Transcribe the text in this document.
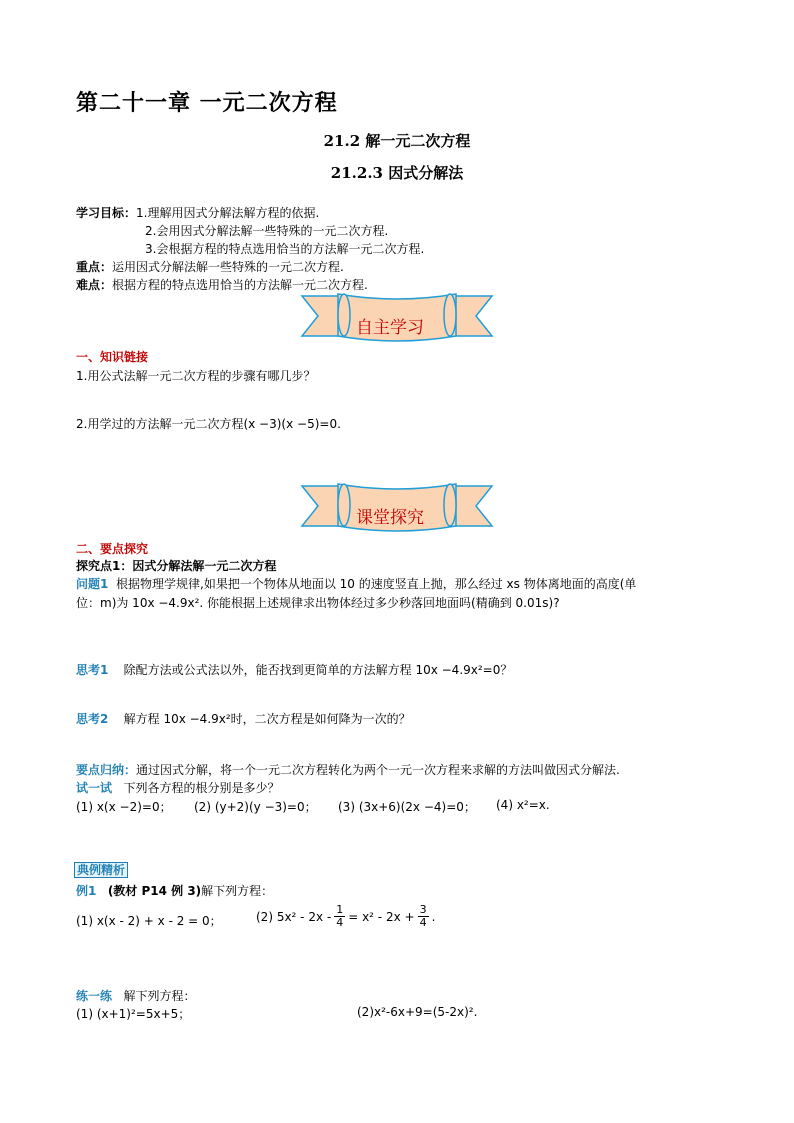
第二十一章 一元二次方程
21.2 解一元二次方程
21.2.3 因式分解法
学习目标：1.理解用因式分解法解方程的依据.
2.会用因式分解法解一些特殊的一元二次方程.
3.会根据方程的特点选用恰当的方法解一元二次方程.
重点：运用因式分解法解一些特殊的一元二次方程.
难点：根据方程的特点选用恰当的方法解一元二次方程.
自主学习
一、知识链接
1.用公式法解一元二次方程的步骤有哪几步？
2.用学过的方法解一元二次方程(x −3)(x −5)=0.
课堂探究
二、要点探究
探究点1：因式分解法解一元二次方程
问题1 根据物理学规律,如果把一个物体从地面以 10 的速度竖直上抛，那么经过 xs 物体离地面的高度(单
位：m)为 10x −4.9x². 你能根据上述规律求出物体经过多少秒落回地面吗(精确到 0.01s)?
思考1 除配方法或公式法以外，能否找到更简单的方法解方程 10x −4.9x²=0？
思考2 解方程 10x −4.9x²时，二次方程是如何降为一次的？
要点归纳：通过因式分解，将一个一元二次方程转化为两个一元一次方程来求解的方法叫做因式分解法.
试一试 下列各方程的根分别是多少？
(1) x(x −2)=0； (2) (y+2)(y −3)=0； (3) (3x+6)(2x −4)=0； (4) x²=x.
典例精析
例1 (教材 P14 例 3)解下列方程：
(1) x(x - 2) + x - 2 = 0；	(2) $5x^2 - 2x - \frac{1}{4} = x^2 - 2x + \frac{3}{4}$ .
练一练 解下列方程：
(1) (x+1)²=5x+5；	(2)x²-6x+9=(5-2x)².
